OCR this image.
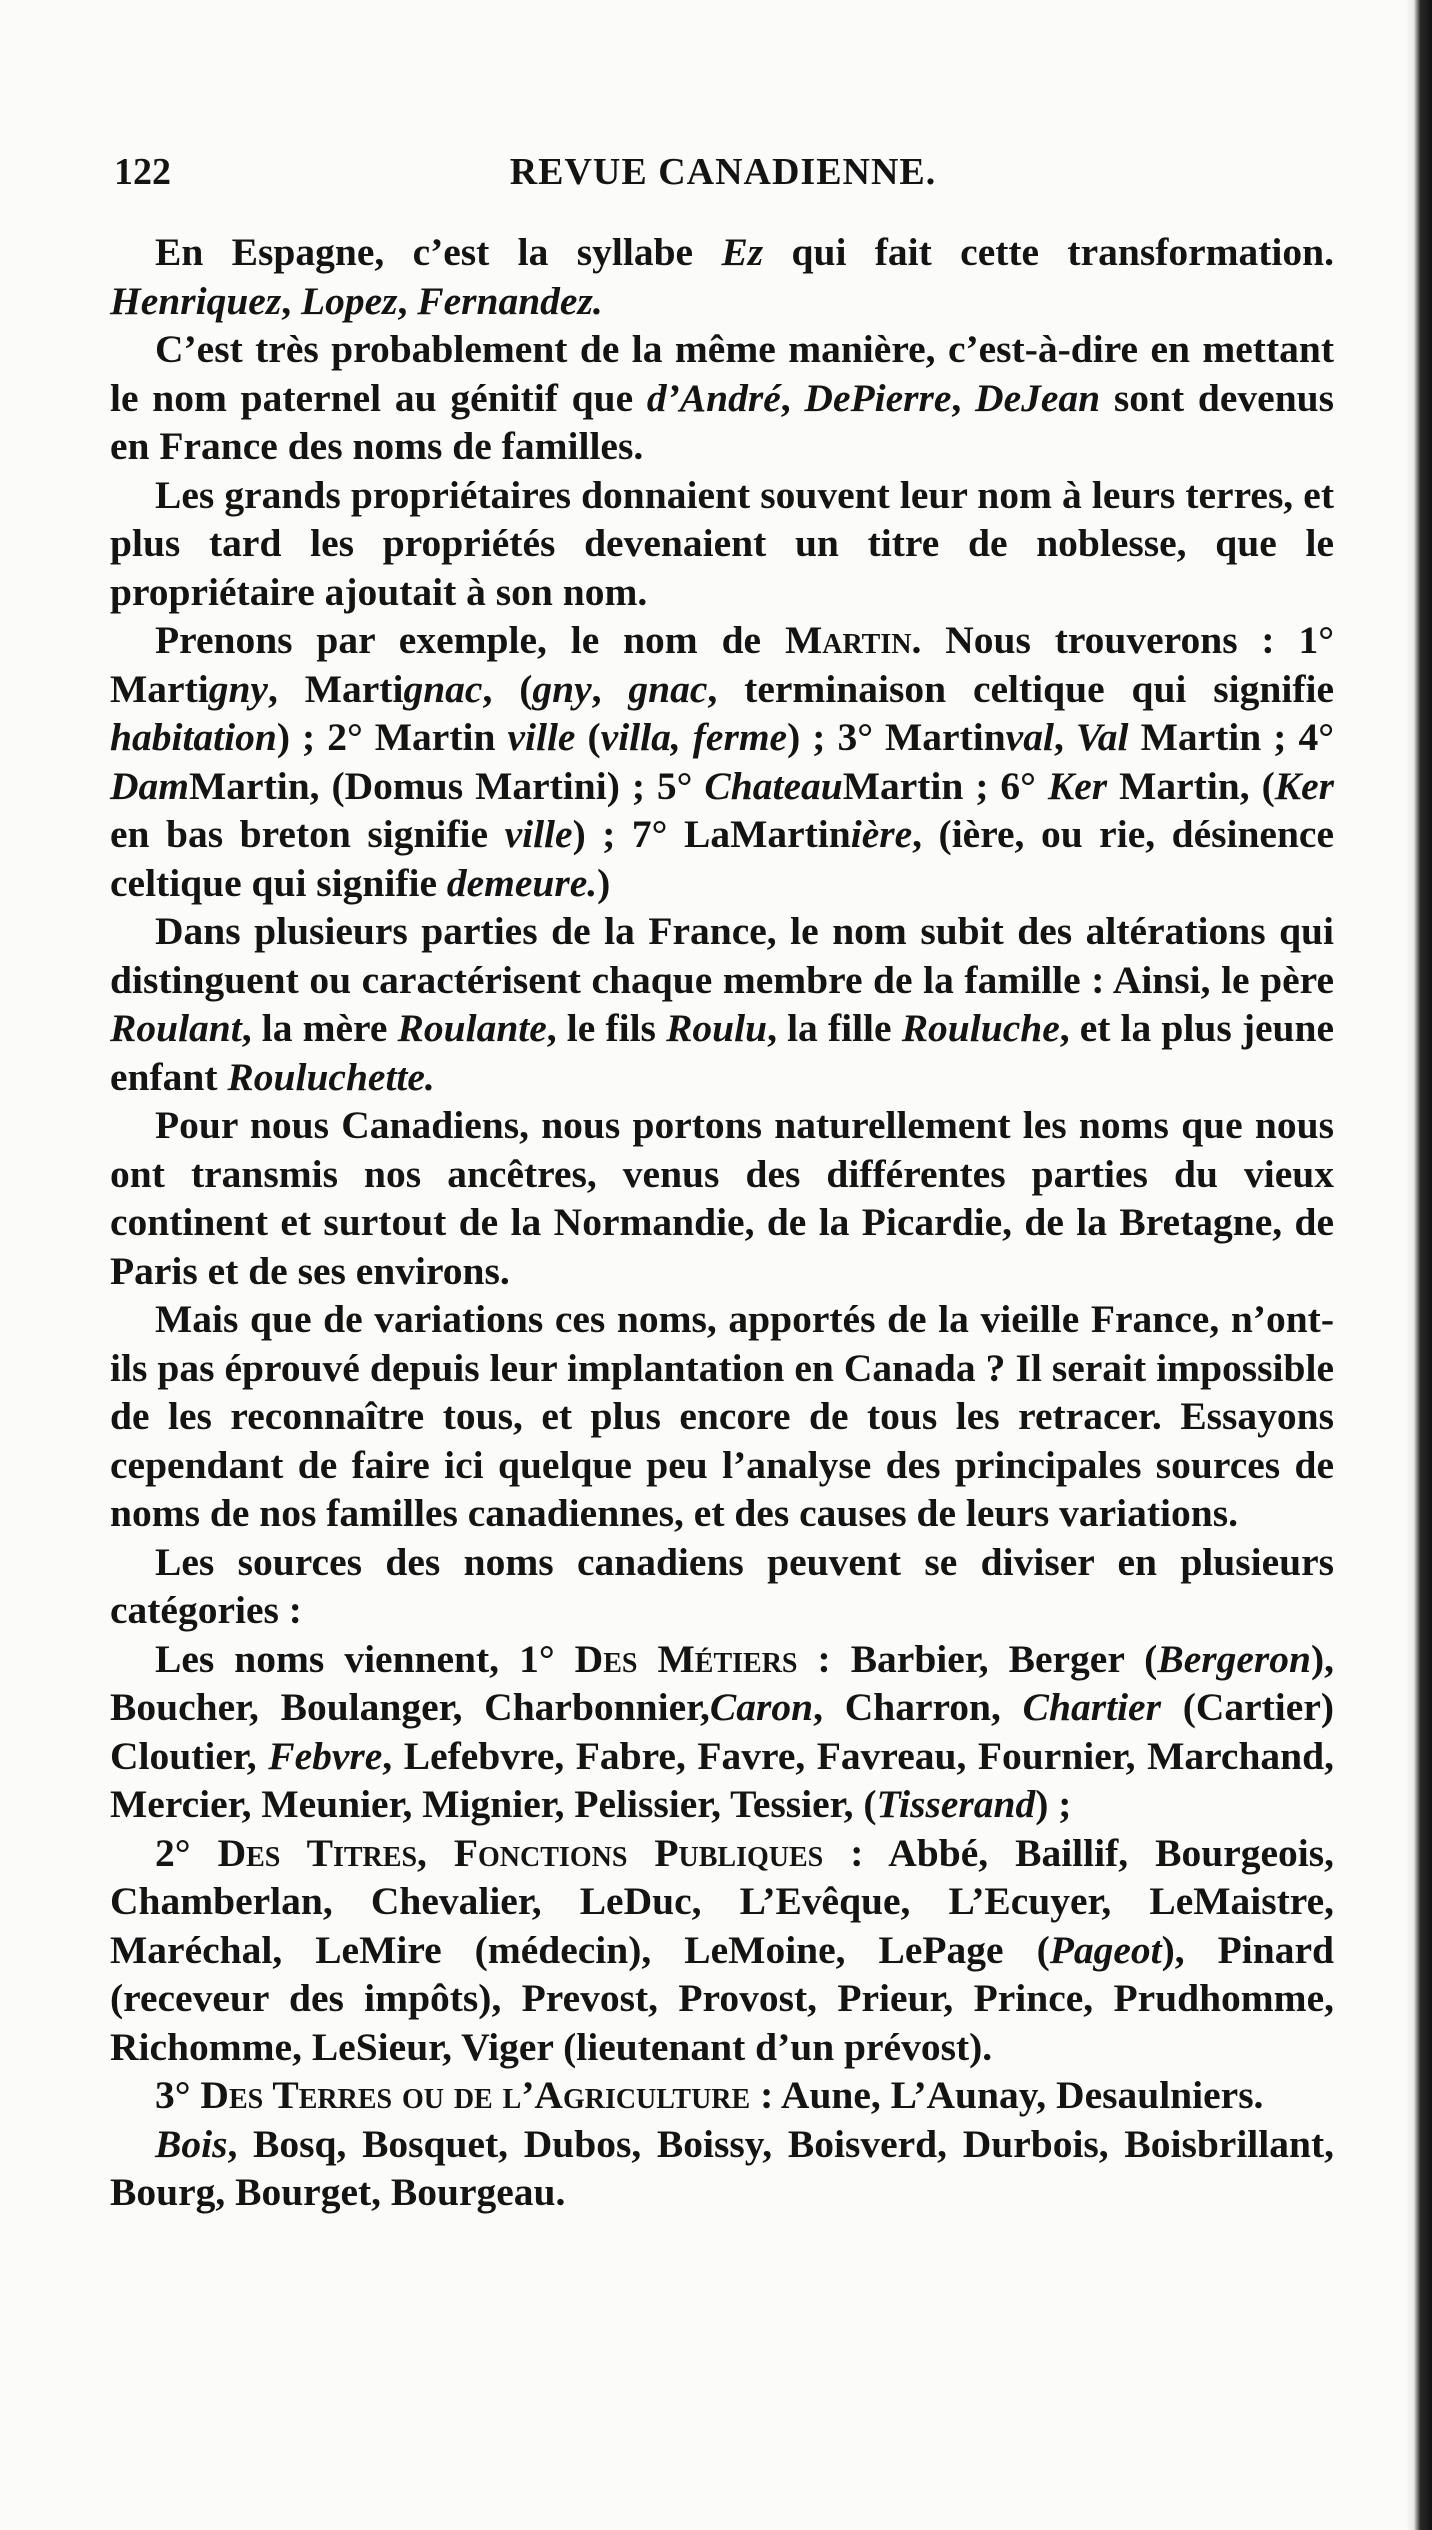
122	REVUE CANADIENNE.

En Espagne, c’est la syllabe Ez qui fait cette transformation. Henriquez, Lopez, Fernandez.

C’est très probablement de la même manière, c’est-à-dire en mettant le nom paternel au génitif que d’André, DePierre, DeJean sont devenus en France des noms de familles.

Les grands propriétaires donnaient souvent leur nom à leurs terres, et plus tard les propriétés devenaient un titre de noblesse, que le propriétaire ajoutait à son nom.

Prenons par exemple, le nom de Martin. Nous trouverons : 1° Martigny, Martignac, (gny, gnac, terminaison celtique qui signifie habitation) ; 2° Martin ville (villa, ferme) ; 3° Martinval, Val Martin ; 4° DamMartin, (Domus Martini) ; 5° ChateauMartin ; 6° Ker Martin, (Ker en bas breton signifie ville) ; 7° LaMartinière, (ière, ou rie, désinence celtique qui signifie demeure.)

Dans plusieurs parties de la France, le nom subit des altérations qui distinguent ou caractérisent chaque membre de la famille : Ainsi, le père Roulant, la mère Roulante, le fils Roulu, la fille Rouluche, et la plus jeune enfant Rouluchette.

Pour nous Canadiens, nous portons naturellement les noms que nous ont transmis nos ancêtres, venus des différentes parties du vieux continent et surtout de la Normandie, de la Picardie, de la Bretagne, de Paris et de ses environs.

Mais que de variations ces noms, apportés de la vieille France, n’ont-ils pas éprouvé depuis leur implantation en Canada ? Il serait impossible de les reconnaître tous, et plus encore de tous les retracer. Essayons cependant de faire ici quelque peu l’analyse des principales sources de noms de nos familles canadiennes, et des causes de leurs variations.

Les sources des noms canadiens peuvent se diviser en plusieurs catégories :

Les noms viennent, 1° Des Métiers : Barbier, Berger (Bergeron), Boucher, Boulanger, Charbonnier,Caron, Charron, Chartier (Cartier) Cloutier, Febvre, Lefebvre, Fabre, Favre, Favreau, Fournier, Marchand, Mercier, Meunier, Mignier, Pelissier, Tessier, (Tisserand) ;

2° Des Titres, Fonctions Publiques : Abbé, Baillif, Bourgeois, Chamberlan, Chevalier, LeDuc, L’Evêque, L’Ecuyer, LeMaistre, Maréchal, LeMire (médecin), LeMoine, LePage (Pageot), Pinard (receveur des impôts), Prevost, Provost, Prieur, Prince, Prudhomme, Richomme, LeSieur, Viger (lieutenant d’un prévost).

3° Des Terres ou de l’Agriculture : Aune, L’Aunay, Desaulniers.

Bois, Bosq, Bosquet, Dubos, Boissy, Boisverd, Durbois, Boisbrillant, Bourg, Bourget, Bourgeau.
